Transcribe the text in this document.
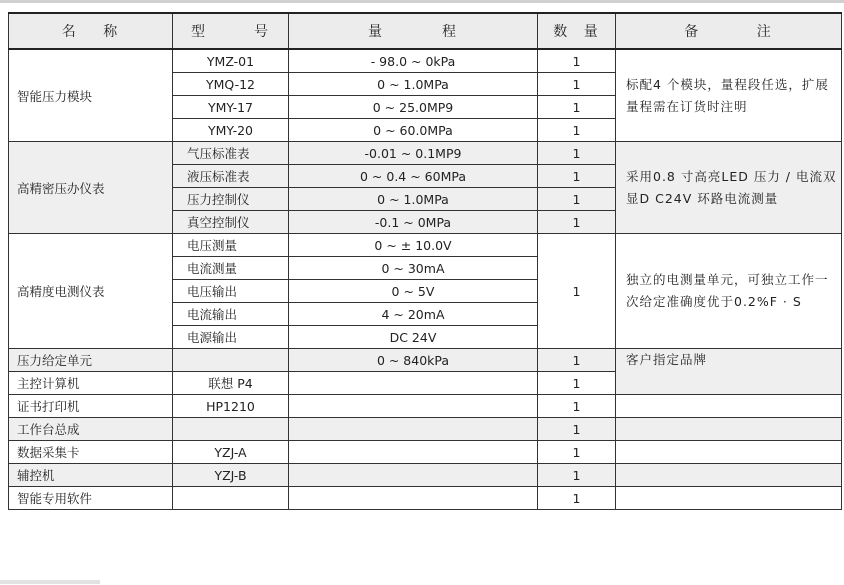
名 称	型 号	量 程	数 量	备 注

智能压力模块	YMZ-01	- 98.0 ~ 0kPa	1	标配4 个模块，量程段任选，扩展量程需在订货时注明
	YMQ-12	0 ~ 1.0MPa	1	
	YMY-17	0 ~ 25.0MP9	1	
	YMY-20	0 ~ 60.0MPa	1	
高精密压办仪表	气压标准表	-0.01 ~ 0.1MP9	1	采用0.8 寸高亮LED 压力 / 电流双显D C24V 环路电流测量
	液压标准表	0 ~ 0.4 ~ 60MPa	1	
	压力控制仪	0 ~ 1.0MPa	1	
	真空控制仪	-0.1 ~ 0MPa	1	
高精度电测仪表	电压测量	0 ~ ± 10.0V	1	独立的电测量单元，可独立工作一次给定准确度优于0.2%F · S
	电流测量	0 ~ 30mA		
	电压输出	0 ~ 5V		
	电流输出	4 ~ 20mA		
	电源输出	DC 24V		
压力给定单元		0 ~ 840kPa	1	客户指定品牌
主控计算机	联想 P4		1	
证书打印机	HP1210		1	
工作台总成			1	
数据采集卡	YZJ-A		1	
辅控机	YZJ-B		1	
智能专用软件			1	
